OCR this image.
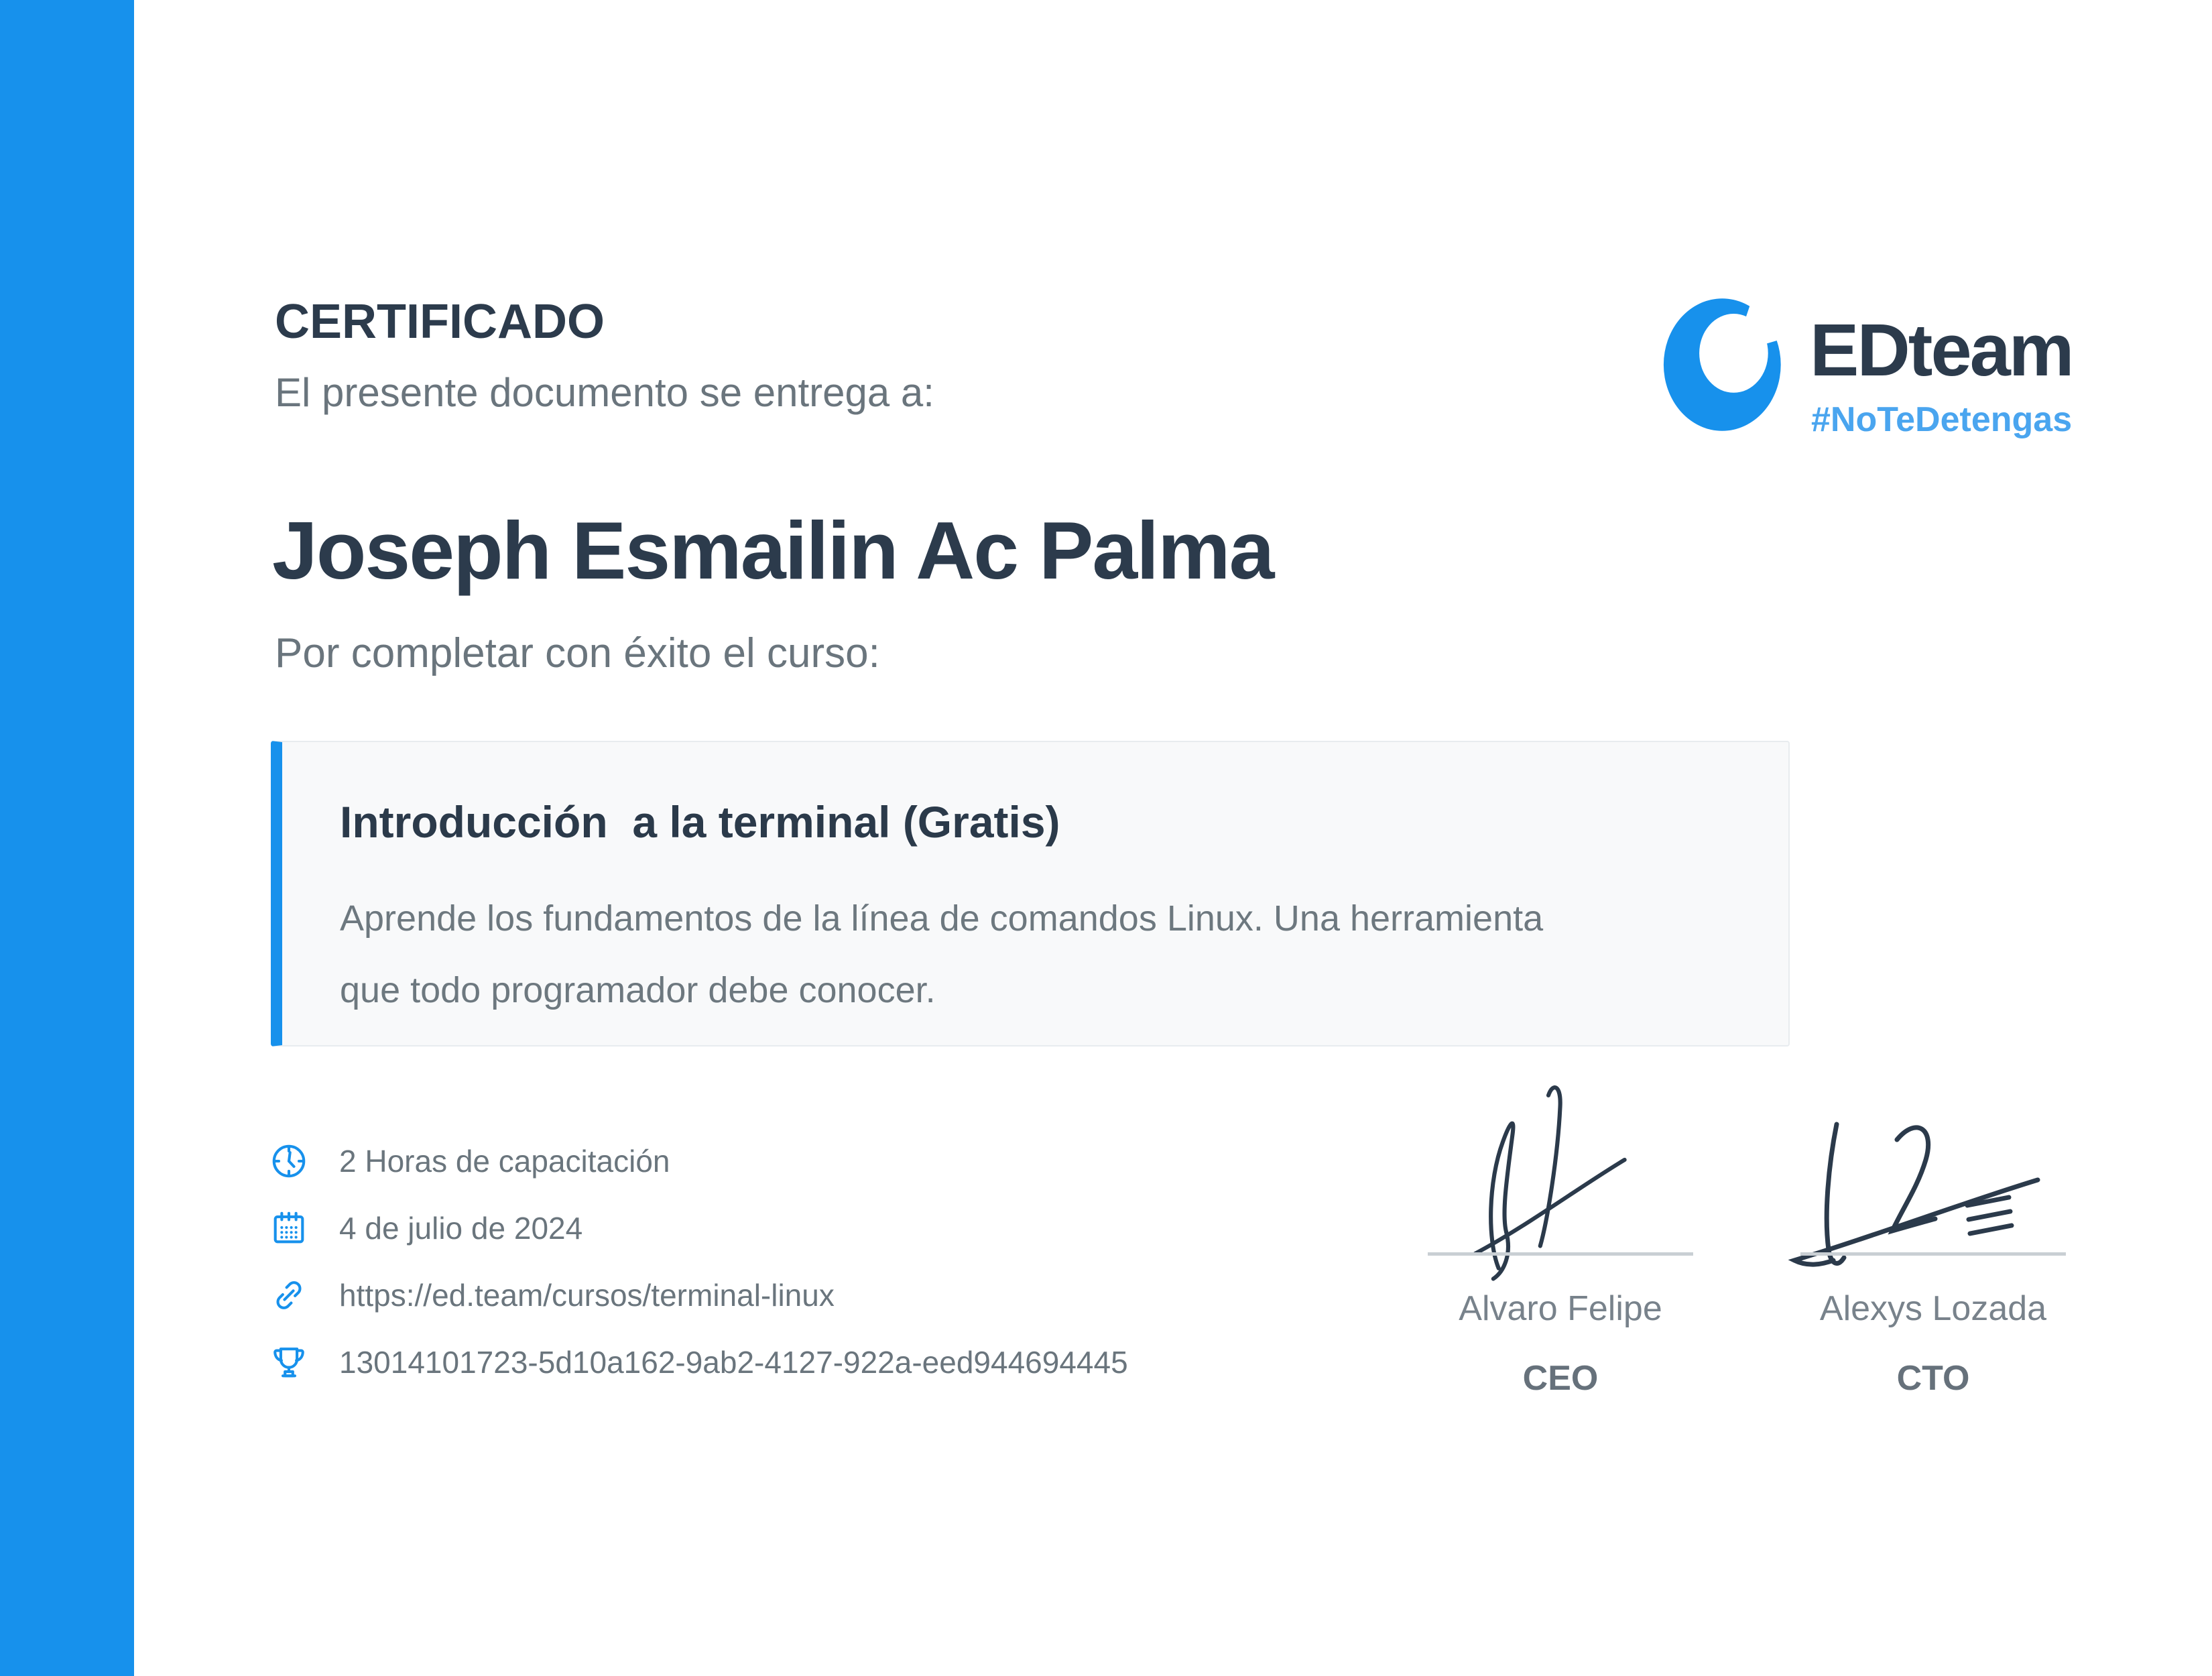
CERTIFICADO

El presente documento se entrega a:

Joseph Esmailin Ac Palma

Por completar con éxito el curso:

Introducción  a la terminal (Gratis)

Aprende los fundamentos de la línea de comandos Linux. Una herramienta que todo programador debe conocer.

2 Horas de capacitación
4 de julio de 2024
https://ed.team/cursos/terminal-linux
13014101723-5d10a162-9ab2-4127-922a-eed944694445

Alvaro Felipe

CEO

Alexys Lozada

CTO

EDteam

#NoTeDetengas
